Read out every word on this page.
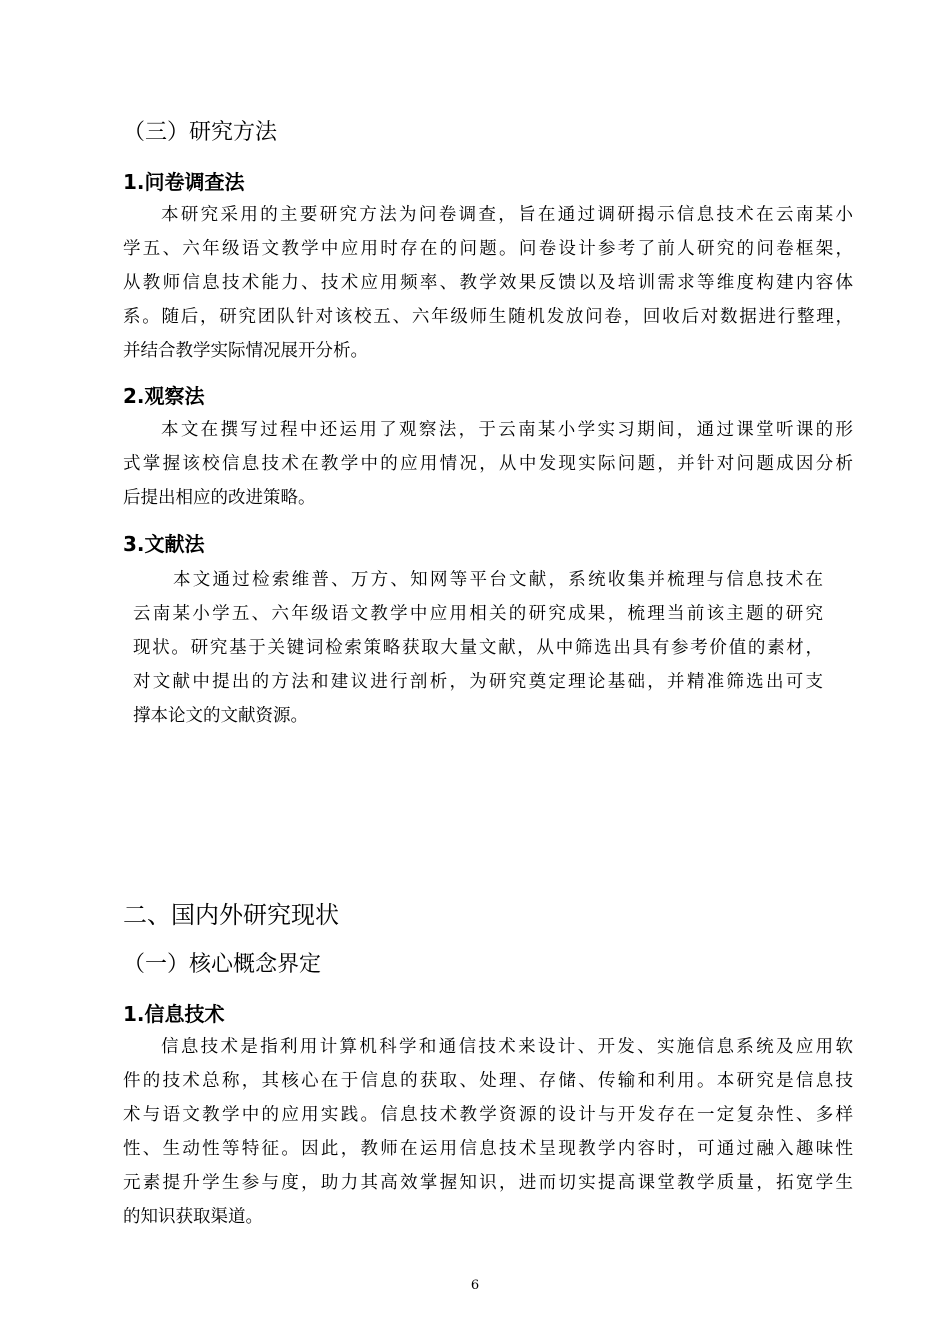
（三）研究方法
1.问卷调查法
本研究采用的主要研究方法为问卷调查，旨在通过调研揭示信息技术在云南某小
学五、六年级语文教学中应用时存在的问题。问卷设计参考了前人研究的问卷框架，
从教师信息技术能力、技术应用频率、教学效果反馈以及培训需求等维度构建内容体
系。随后，研究团队针对该校五、六年级师生随机发放问卷，回收后对数据进行整理，
并结合教学实际情况展开分析。
2.观察法
本文在撰写过程中还运用了观察法，于云南某小学实习期间，通过课堂听课的形
式掌握该校信息技术在教学中的应用情况，从中发现实际问题，并针对问题成因分析
后提出相应的改进策略。
3.文献法
本文通过检索维普、万方、知网等平台文献，系统收集并梳理与信息技术在
云南某小学五、六年级语文教学中应用相关的研究成果，梳理当前该主题的研究
现状。研究基于关键词检索策略获取大量文献，从中筛选出具有参考价值的素材，
对文献中提出的方法和建议进行剖析，为研究奠定理论基础，并精准筛选出可支
撑本论文的文献资源。
二、国内外研究现状
（一）核心概念界定
1.信息技术
信息技术是指利用计算机科学和通信技术来设计、开发、实施信息系统及应用软
件的技术总称，其核心在于信息的获取、处理、存储、传输和利用。本研究是信息技
术与语文教学中的应用实践。信息技术教学资源的设计与开发存在一定复杂性、多样
性、生动性等特征。因此，教师在运用信息技术呈现教学内容时，可通过融入趣味性
元素提升学生参与度，助力其高效掌握知识，进而切实提高课堂教学质量，拓宽学生
的知识获取渠道。
6
